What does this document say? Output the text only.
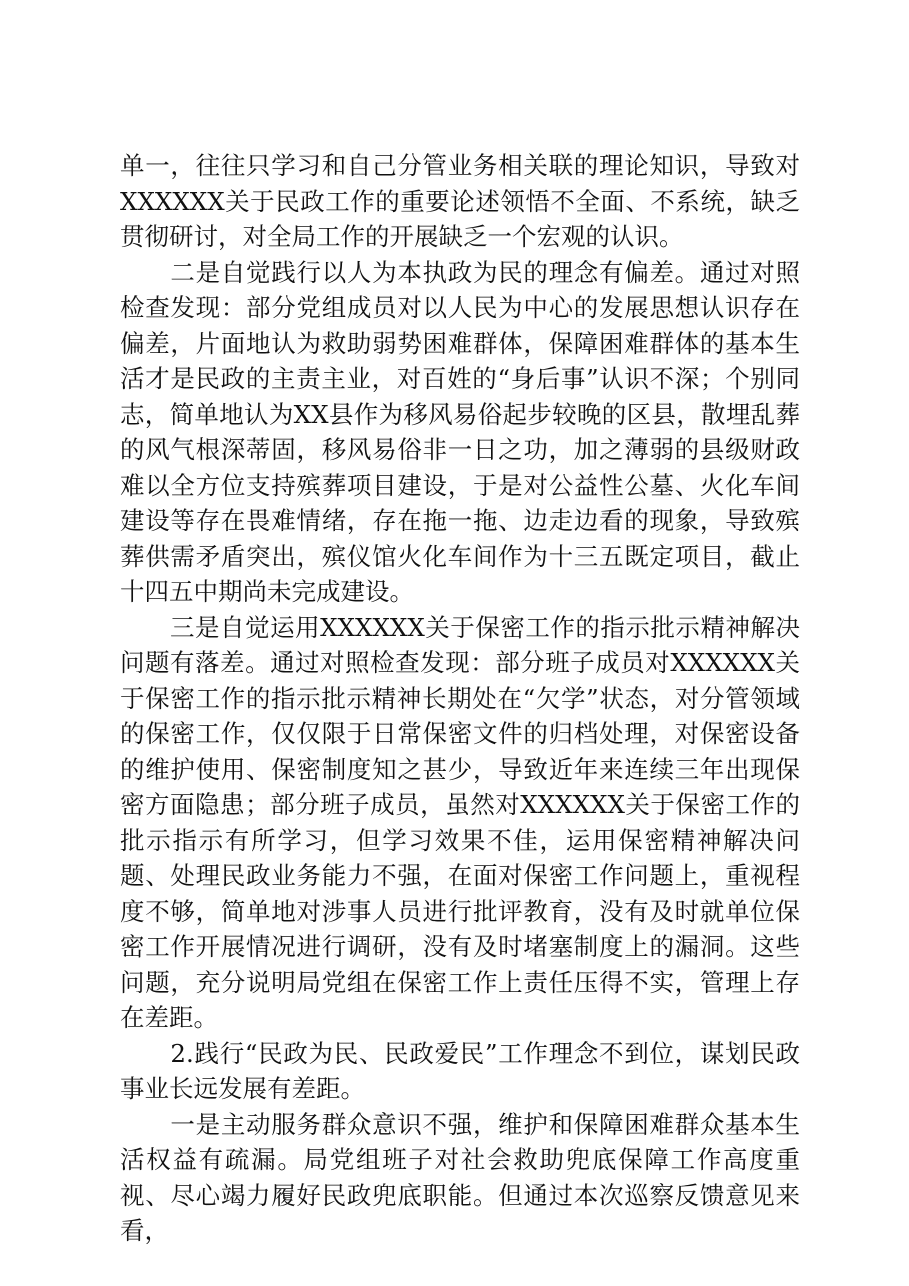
单一，往往只学习和自己分管业务相关联的理论知识，导致对XXXXXX关于民政工作的重要论述领悟不全面、不系统，缺乏贯彻研讨，对全局工作的开展缺乏一个宏观的认识。

　　二是自觉践行以人为本执政为民的理念有偏差。通过对照检查发现：部分党组成员对以人民为中心的发展思想认识存在偏差，片面地认为救助弱势困难群体，保障困难群体的基本生活才是民政的主责主业，对百姓的“身后事”认识不深；个别同志，简单地认为XX县作为移风易俗起步较晚的区县，散埋乱葬的风气根深蒂固，移风易俗非一日之功，加之薄弱的县级财政难以全方位支持殡葬项目建设，于是对公益性公墓、火化车间建设等存在畏难情绪，存在拖一拖、边走边看的现象，导致殡葬供需矛盾突出，殡仪馆火化车间作为十三五既定项目，截止十四五中期尚未完成建设。

　　三是自觉运用XXXXXX关于保密工作的指示批示精神解决问题有落差。通过对照检查发现：部分班子成员对XXXXXX关于保密工作的指示批示精神长期处在“欠学”状态，对分管领域的保密工作，仅仅限于日常保密文件的归档处理，对保密设备的维护使用、保密制度知之甚少，导致近年来连续三年出现保密方面隐患；部分班子成员，虽然对XXXXXX关于保密工作的批示指示有所学习，但学习效果不佳，运用保密精神解决问题、处理民政业务能力不强，在面对保密工作问题上，重视程度不够，简单地对涉事人员进行批评教育，没有及时就单位保密工作开展情况进行调研，没有及时堵塞制度上的漏洞。这些问题，充分说明局党组在保密工作上责任压得不实，管理上存在差距。

　　2.践行“民政为民、民政爱民”工作理念不到位，谋划民政事业长远发展有差距。

　　一是主动服务群众意识不强，维护和保障困难群众基本生活权益有疏漏。局党组班子对社会救助兜底保障工作高度重视、尽心竭力履好民政兜底职能。但通过本次巡察反馈意见来看，
